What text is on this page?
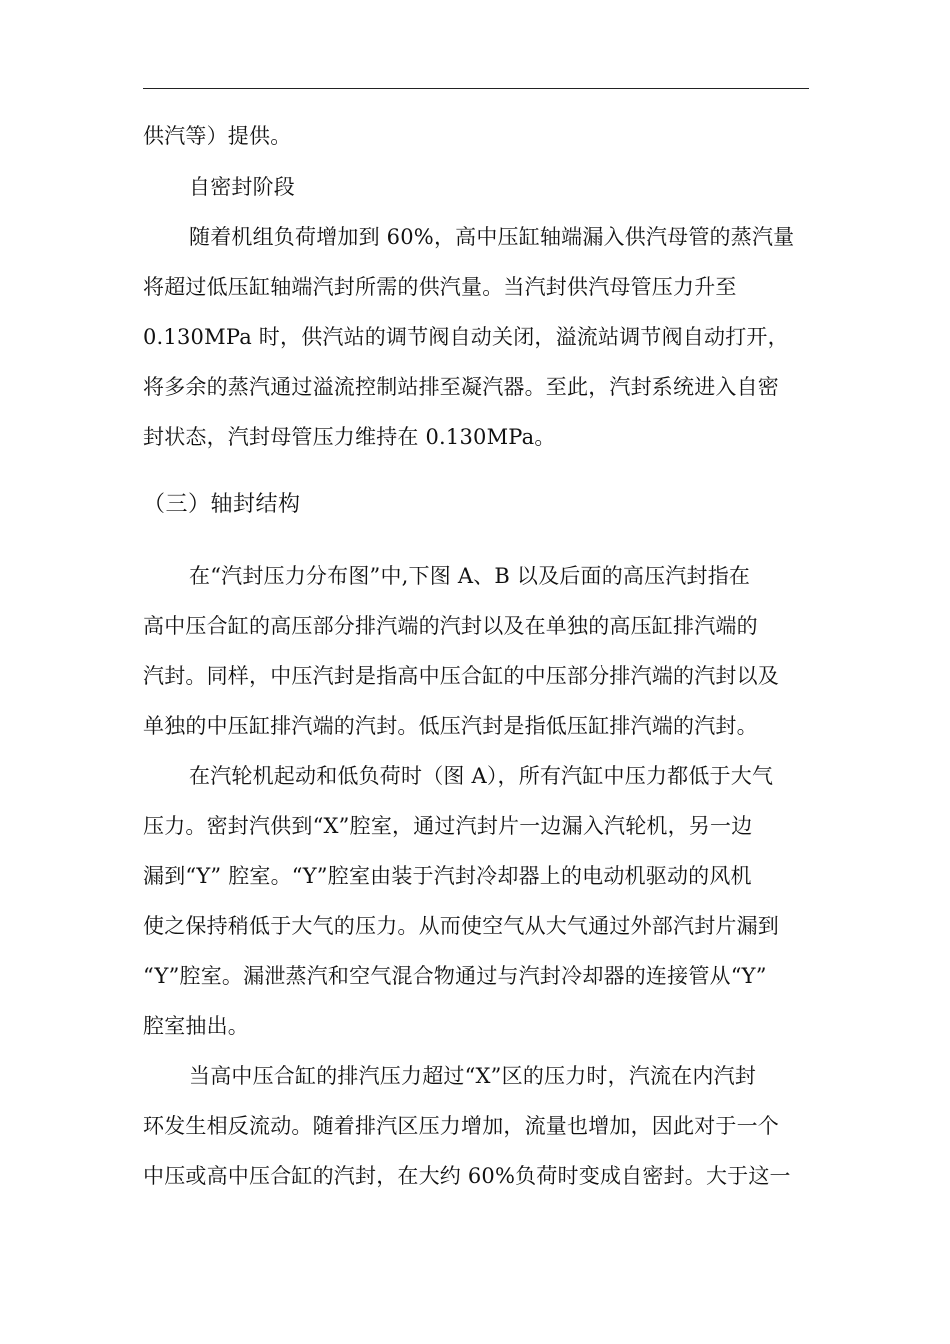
供汽等）提供。
自密封阶段
随着机组负荷增加到 60%，高中压缸轴端漏入供汽母管的蒸汽量
将超过低压缸轴端汽封所需的供汽量。当汽封供汽母管压力升至
0.130MPa 时，供汽站的调节阀自动关闭，溢流站调节阀自动打开，
将多余的蒸汽通过溢流控制站排至凝汽器。至此，汽封系统进入自密
封状态，汽封母管压力维持在 0.130MPa。
（三）轴封结构
在“汽封压力分布图”中,下图 A、B 以及后面的高压汽封指在
高中压合缸的高压部分排汽端的汽封以及在单独的高压缸排汽端的
汽封。同样，中压汽封是指高中压合缸的中压部分排汽端的汽封以及
单独的中压缸排汽端的汽封。低压汽封是指低压缸排汽端的汽封。
在汽轮机起动和低负荷时（图 A），所有汽缸中压力都低于大气
压力。密封汽供到“X”腔室，通过汽封片一边漏入汽轮机，另一边
漏到“Y” 腔室。“Y”腔室由装于汽封冷却器上的电动机驱动的风机
使之保持稍低于大气的压力。从而使空气从大气通过外部汽封片漏到
“Y”腔室。漏泄蒸汽和空气混合物通过与汽封冷却器的连接管从“Y”
腔室抽出。
当高中压合缸的排汽压力超过“X”区的压力时，汽流在内汽封
环发生相反流动。随着排汽区压力增加，流量也增加，因此对于一个
中压或高中压合缸的汽封，在大约 60%负荷时变成自密封。大于这一
